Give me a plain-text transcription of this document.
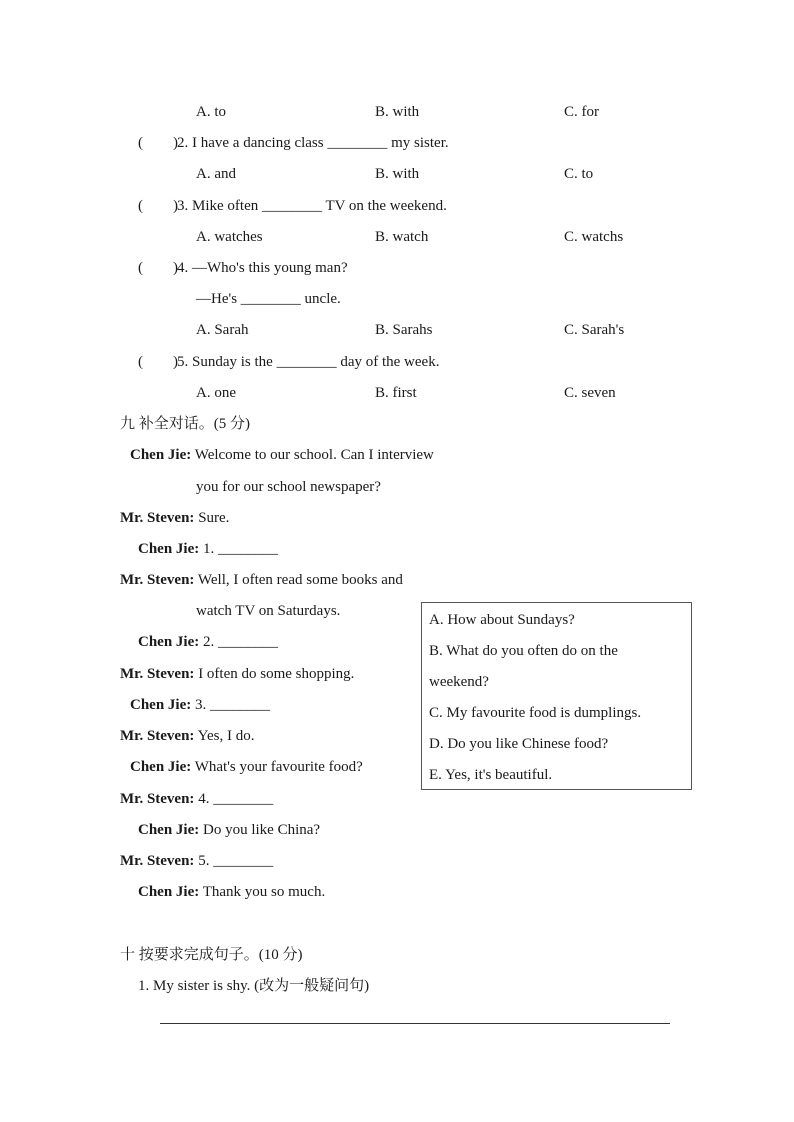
A. to	B. with	C. for
(        ) 2. I have a dancing class ________ my sister.
A. and	B. with	C. to
(        ) 3. Mike often ________ TV on the weekend.
A. watches	B. watch	C. watchs
(        ) 4. —Who's this young man?
—He's ________ uncle.
A. Sarah	B. Sarahs	C. Sarah's
(        ) 5. Sunday is the ________ day of the week.
A. one	B. first	C. seven
九 补全对话。(5 分)
Chen Jie: Welcome to our school. Can I interview
you for our school newspaper?
Mr. Steven: Sure.
Chen Jie: 1. ________
Mr. Steven: Well, I often read some books and
watch TV on Saturdays.
Chen Jie: 2. ________
Mr. Steven: I often do some shopping.
Chen Jie: 3. ________
Mr. Steven: Yes, I do.
Chen Jie: What's your favourite food?
Mr. Steven: 4. ________
Chen Jie: Do you like China?
Mr. Steven: 5. ________
Chen Jie: Thank you so much.
A. How about Sundays?
B. What do you often do on the
weekend?
C. My favourite food is dumplings.
D. Do you like Chinese food?
E. Yes, it's beautiful.
十 按要求完成句子。(10 分)
1. My sister is shy. (改为一般疑问句)
